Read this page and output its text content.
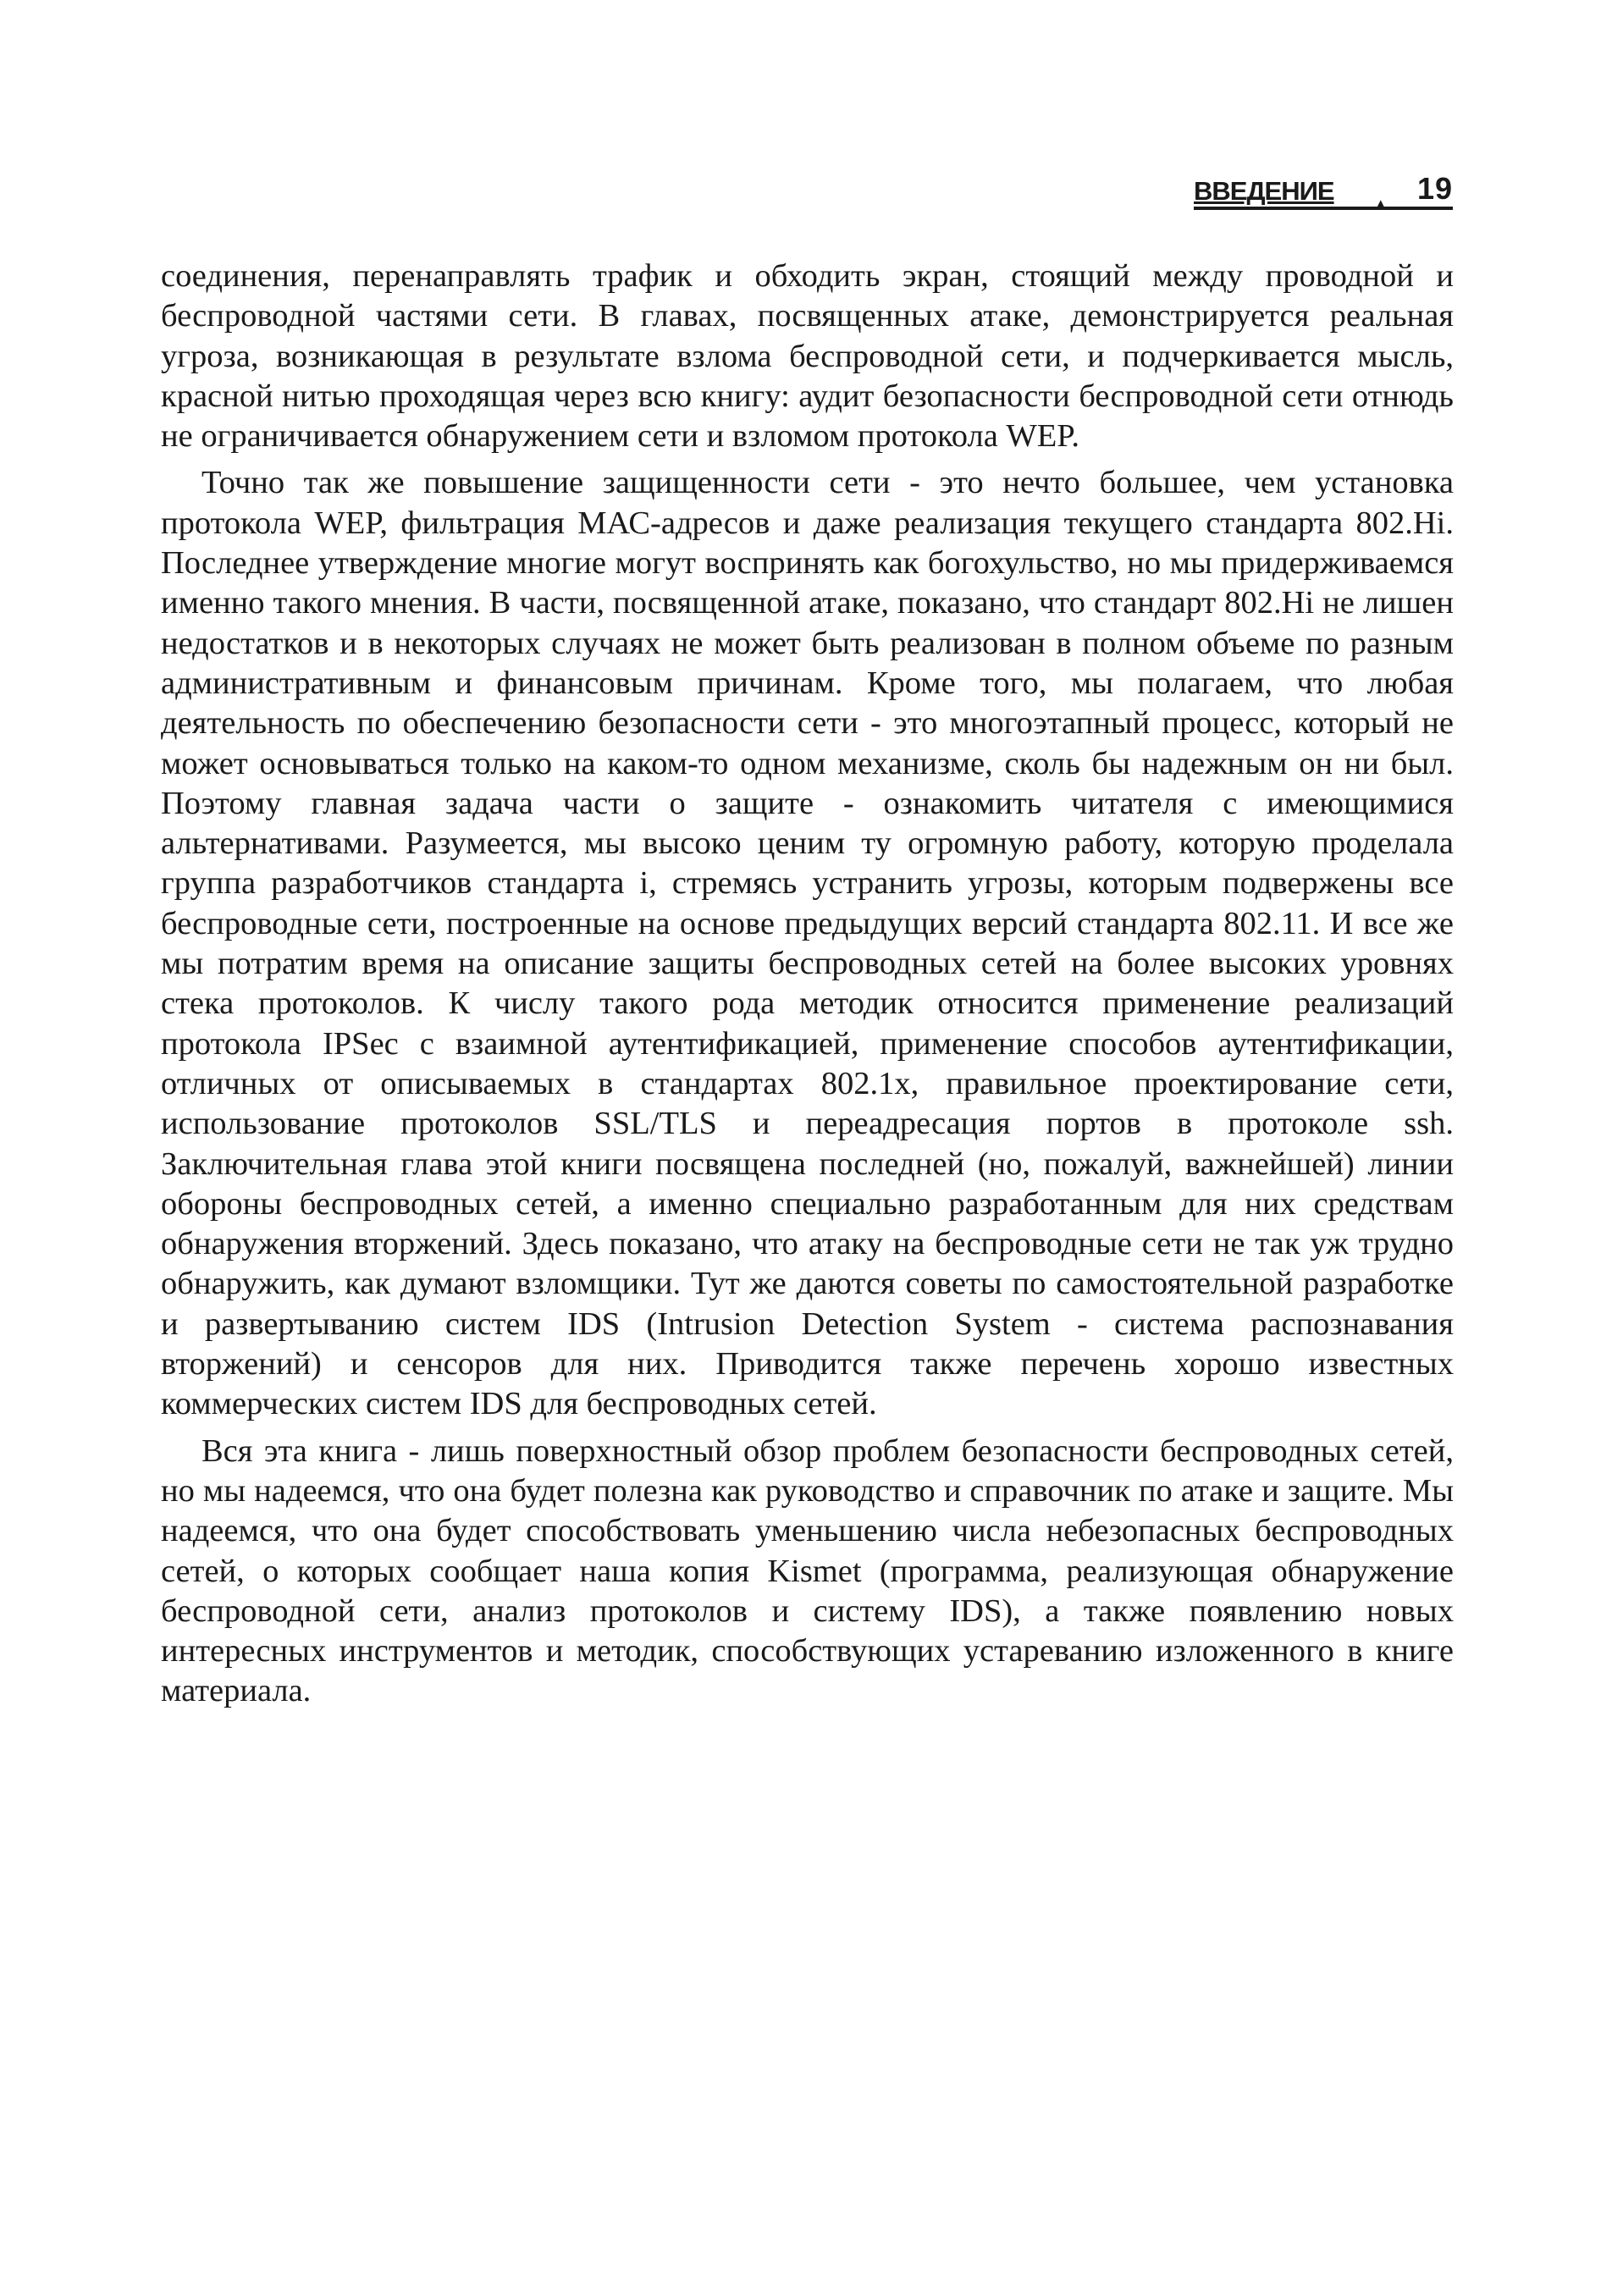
ВВЕДЕНИЕ ▲ 19

соединения, перенаправлять трафик и обходить экран, стоящий между проводной и беспроводной частями сети. В главах, посвященных атаке, демонстрируется реальная угроза, возникающая в результате взлома беспроводной сети, и подчеркивается мысль, красной нитью проходящая через всю книгу: аудит безопасности беспроводной сети отнюдь не ограничивается обнаружением сети и взломом протокола WEP.

Точно так же повышение защищенности сети - это нечто большее, чем установка протокола WEP, фильтрация МАС-адресов и даже реализация текущего стандарта 802.Hi. Последнее утверждение многие могут воспринять как богохульство, но мы придерживаемся именно такого мнения. В части, посвященной атаке, показано, что стандарт 802.Hi не лишен недостатков и в некоторых случаях не может быть реализован в полном объеме по разным административным и финансовым причинам. Кроме того, мы полагаем, что любая деятельность по обеспечению безопасности сети - это многоэтапный процесс, который не может основываться только на каком-то одном механизме, сколь бы надежным он ни был. Поэтому главная задача части о защите - ознакомить читателя с имеющимися альтернативами. Разумеется, мы высоко ценим ту огромную работу, которую проделала группа разработчиков стандарта i, стремясь устранить угрозы, которым подвержены все беспроводные сети, построенные на основе предыдущих версий стандарта 802.11. И все же мы потратим время на описание защиты беспроводных сетей на более высоких уровнях стека протоколов. К числу такого рода методик относится применение реализаций протокола IPSec с взаимной аутентификацией, применение способов аутентификации, отличных от описываемых в стандартах 802.1x, правильное проектирование сети, использование протоколов SSL/TLS и переадресация портов в протоколе ssh. Заключительная глава этой книги посвящена последней (но, пожалуй, важнейшей) линии обороны беспроводных сетей, а именно специально разработанным для них средствам обнаружения вторжений. Здесь показано, что атаку на беспроводные сети не так уж трудно обнаружить, как думают взломщики. Тут же даются советы по самостоятельной разработке и развертыванию систем IDS (Intrusion Detection System - система распознавания вторжений) и сенсоров для них. Приводится также перечень хорошо известных коммерческих систем IDS для беспроводных сетей.

Вся эта книга - лишь поверхностный обзор проблем безопасности беспроводных сетей, но мы надеемся, что она будет полезна как руководство и справочник по атаке и защите. Мы надеемся, что она будет способствовать уменьшению числа небезопасных беспроводных сетей, о которых сообщает наша копия Kismet (программа, реализующая обнаружение беспроводной сети, анализ протоколов и систему IDS), а также появлению новых интересных инструментов и методик, способствующих устареванию изложенного в книге материала.
